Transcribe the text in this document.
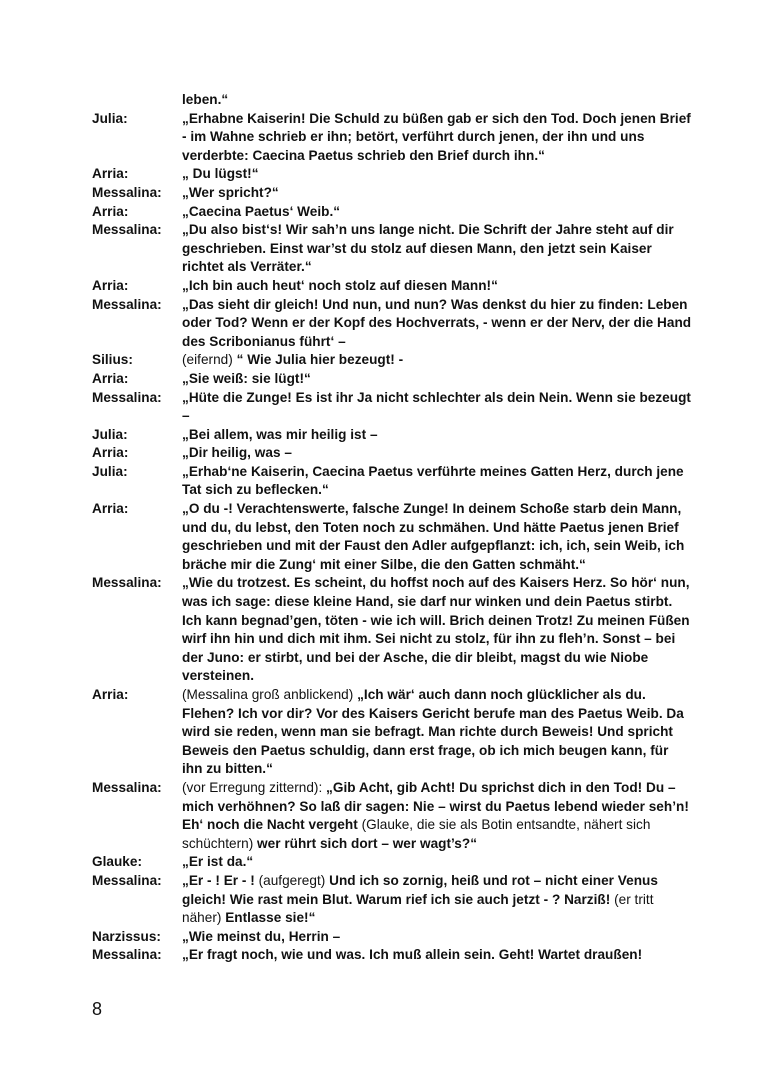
leben.“
Julia:	„Erhabne Kaiserin! Die Schuld zu büßen gab er sich den Tod. Doch jenen Brief - im Wahne schrieb er ihn; betört, verführt durch jenen, der ihn und uns verderbte: Caecina Paetus schrieb den Brief durch ihn.“
Arria:	„ Du lügst!“
Messalina:	„Wer spricht?“
Arria:	„Caecina Paetus‘ Weib.“
Messalina:	„Du also bist‘s! Wir sah’n uns lange nicht. Die Schrift der Jahre steht auf dir geschrieben. Einst war’st du stolz auf diesen Mann, den jetzt sein Kaiser richtet als Verräter.“
Arria:	„Ich bin auch heut‘ noch stolz auf diesen Mann!“
Messalina:	„Das sieht dir gleich! Und nun, und nun? Was denkst du hier zu finden: Leben oder Tod? Wenn er der Kopf des Hochverrats, - wenn er der Nerv, der die Hand des Scribonianus führt‘ –
Silius:	(eifernd) “ Wie Julia hier bezeugt! -
Arria:	„Sie weiß: sie lügt!“
Messalina:	„Hüte die Zunge! Es ist ihr Ja nicht schlechter als dein Nein. Wenn sie bezeugt –
Julia:	„Bei allem, was mir heilig ist –
Arria:	„Dir heilig, was –
Julia:	„Erhab‘ne Kaiserin, Caecina Paetus verführte meines Gatten Herz, durch jene Tat sich zu beflecken.“
Arria:	„O du -! Verachtenswerte, falsche Zunge! In deinem Schoße starb dein Mann, und du, du lebst, den Toten noch zu schmähen. Und hätte Paetus jenen Brief geschrieben und mit der Faust den Adler aufgepflanzt: ich, ich, sein Weib, ich bräche mir die Zung‘ mit einer Silbe, die den Gatten schmäht.“
Messalina:	„Wie du trotzest. Es scheint, du hoffst noch auf des Kaisers Herz. So hör‘ nun, was ich sage: diese kleine Hand, sie darf nur winken und dein Paetus stirbt. Ich kann begnad’gen, töten - wie ich will. Brich deinen Trotz! Zu meinen Füßen wirf ihn hin und dich mit ihm. Sei nicht zu stolz, für ihn zu fleh’n. Sonst – bei der Juno: er stirbt, und bei der Asche, die dir bleibt, magst du wie Niobe versteinen.
Arria:	(Messalina groß anblickend) „Ich wär‘ auch dann noch glücklicher als du. Flehen? Ich vor dir? Vor des Kaisers Gericht berufe man des Paetus Weib. Da wird sie reden, wenn man sie befragt. Man richte durch Beweis! Und spricht Beweis den Paetus schuldig, dann erst frage, ob ich mich beugen kann, für ihn zu bitten.“
Messalina:	(vor Erregung zitternd): „Gib Acht, gib Acht! Du sprichst dich in den Tod! Du – mich verhöhnen? So laß dir sagen: Nie – wirst du Paetus lebend wieder seh’n! Eh‘ noch die Nacht vergeht (Glauke, die sie als Botin entsandte, nähert sich schüchtern) wer rührt sich dort – wer wagt’s?“
Glauke:	„Er ist da.“
Messalina:	„Er - ! Er - ! (aufgeregt) Und ich so zornig, heiß und rot – nicht einer Venus gleich! Wie rast mein Blut. Warum rief ich sie auch jetzt - ? Narziß! (er tritt näher) Entlasse sie!“
Narzissus:	„Wie meinst du, Herrin –
Messalina:	„Er fragt noch, wie und was. Ich muß allein sein. Geht! Wartet draußen!
8
